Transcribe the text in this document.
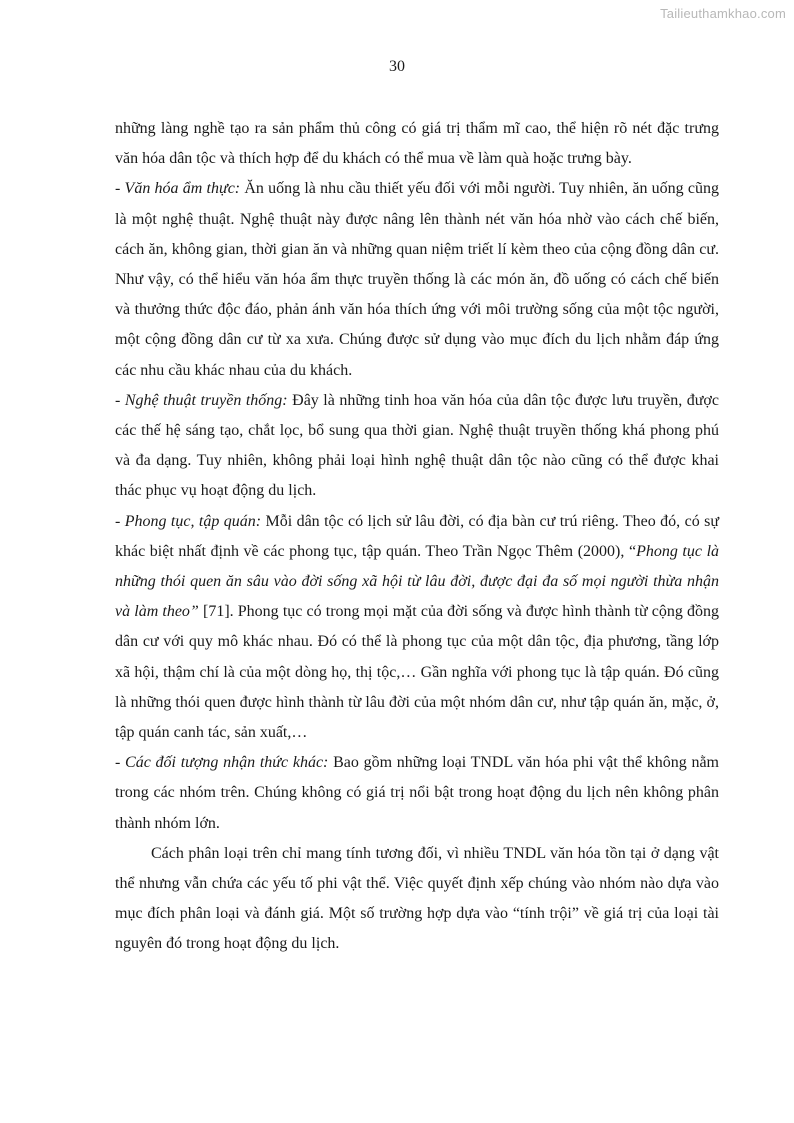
Tailieuthamkhao.com
30

những làng nghề tạo ra sản phẩm thủ công có giá trị thẩm mĩ cao, thể hiện rõ nét đặc trưng văn hóa dân tộc và thích hợp để du khách có thể mua về làm quà hoặc trưng bày.

- Văn hóa ẩm thực: Ăn uống là nhu cầu thiết yếu đối với mỗi người. Tuy nhiên, ăn uống cũng là một nghệ thuật. Nghệ thuật này được nâng lên thành nét văn hóa nhờ vào cách chế biến, cách ăn, không gian, thời gian ăn và những quan niệm triết lí kèm theo của cộng đồng dân cư. Như vậy, có thể hiểu văn hóa ẩm thực truyền thống là các món ăn, đồ uống có cách chế biến và thưởng thức độc đáo, phản ánh văn hóa thích ứng với môi trường sống của một tộc người, một cộng đồng dân cư từ xa xưa. Chúng được sử dụng vào mục đích du lịch nhằm đáp ứng các nhu cầu khác nhau của du khách.

- Nghệ thuật truyền thống: Đây là những tinh hoa văn hóa của dân tộc được lưu truyền, được các thế hệ sáng tạo, chắt lọc, bổ sung qua thời gian. Nghệ thuật truyền thống khá phong phú và đa dạng. Tuy nhiên, không phải loại hình nghệ thuật dân tộc nào cũng có thể được khai thác phục vụ hoạt động du lịch.

- Phong tục, tập quán: Mỗi dân tộc có lịch sử lâu đời, có địa bàn cư trú riêng. Theo đó, có sự khác biệt nhất định về các phong tục, tập quán. Theo Trần Ngọc Thêm (2000), “Phong tục là những thói quen ăn sâu vào đời sống xã hội từ lâu đời, được đại đa số mọi người thừa nhận và làm theo” [71]. Phong tục có trong mọi mặt của đời sống và được hình thành từ cộng đồng dân cư với quy mô khác nhau. Đó có thể là phong tục của một dân tộc, địa phương, tầng lớp xã hội, thậm chí là của một dòng họ, thị tộc,… Gần nghĩa với phong tục là tập quán. Đó cũng là những thói quen được hình thành từ lâu đời của một nhóm dân cư, như tập quán ăn, mặc, ở, tập quán canh tác, sản xuất,…

- Các đối tượng nhận thức khác: Bao gồm những loại TNDL văn hóa phi vật thể không nằm trong các nhóm trên. Chúng không có giá trị nổi bật trong hoạt động du lịch nên không phân thành nhóm lớn.

Cách phân loại trên chỉ mang tính tương đối, vì nhiều TNDL văn hóa tồn tại ở dạng vật thể nhưng vẫn chứa các yếu tố phi vật thể. Việc quyết định xếp chúng vào nhóm nào dựa vào mục đích phân loại và đánh giá. Một số trường hợp dựa vào “tính trội” về giá trị của loại tài nguyên đó trong hoạt động du lịch.
